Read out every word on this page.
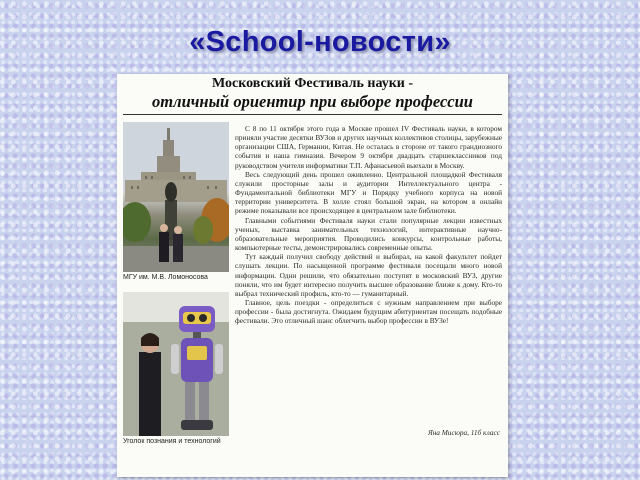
«School-новости»
Московский Фестиваль науки -
отличный ориентир при выборе профессии
МГУ им. М.В. Ломоносова
Уголок познания и технологий

С 8 по 11 октября этого года в Москве прошел IV Фестиваль науки, в котором приняли участие десятки ВУЗов и других научных коллективов столицы, зарубежные организации США, Германии, Китая. Не осталась в стороне от такого грандиозного события и наша гимназия. Вечером 9 октября двадцать старшеклассников под руководством учителя информатики Т.П. Афанасьевой выехали в Москву.

Весь следующий день прошел оживленно. Центральной площадкой Фестиваля служили просторные залы и аудитории Интеллектуального центра - Фундаментальной библиотеки МГУ и Порядку учебного корпуса на новой территории университета. В холле стоял большой экран, на котором в онлайн режиме показывали все происходящее в центральном зале библиотеки.

Главными событиями Фестиваля науки стали популярные лекции известных ученых, выставка занимательных технологий, интерактивные научно-образовательные мероприятия. Проводились конкурсы, контрольные работы, компьютерные тесты, демонстрировались современные опыты.

Тут каждый получил свободу действий и выбирал, на какой факультет пойдет слушать лекции. По насыщенной программе фестиваля посещали много новой информации. Одни решили, что обязательно поступят в московский ВУЗ, другие поняли, что им будет интересно получить высшее образование ближе к дому. Кто-то выбрал технический профиль, кто-то — гуманитарный.

Главное, цель поездки - определиться с нужным направлением при выборе профессии - была достигнута. Ожидаем будущим абитуриентам посещать подобные фестивали. Это отличный шанс облегчить выбор профессии в ВУЗе!

Яна Мисюра, 11б класс
